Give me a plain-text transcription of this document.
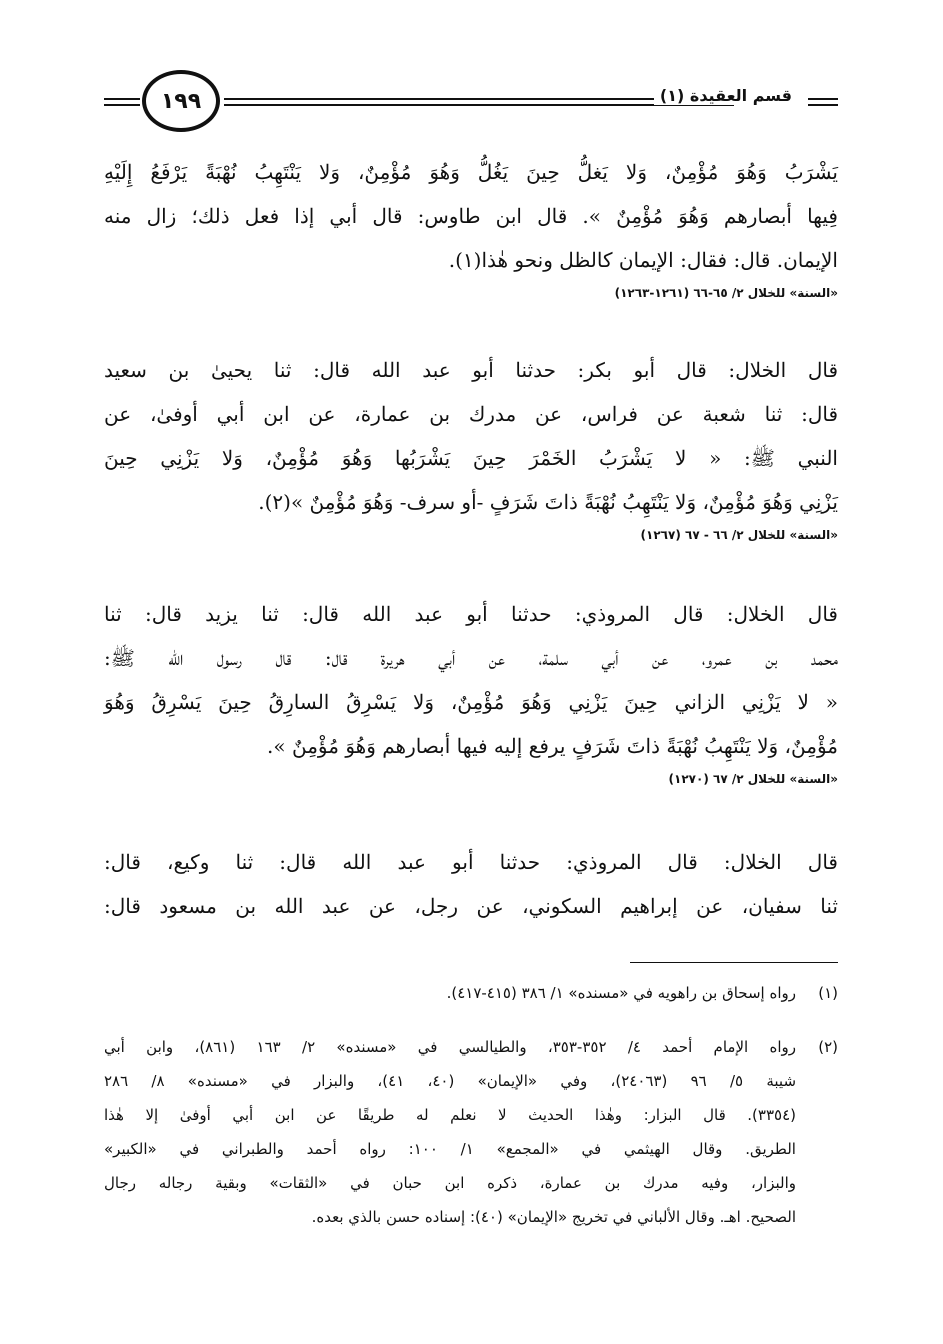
١٩٩	قسم العقيدة (١)
يَشْرَبُ وَهُوَ مُؤْمِنٌ، وَلا يَغلُّ حِينَ يَغُلُّ وَهُوَ مُؤْمِنٌ، وَلا يَنْتَهِبُ نُهْبَةً يَرْفَعُ إِلَيْهِ
فِيها أبصارهم وَهُوَ مُؤْمِنٌ ». قال ابن طاوس: قال أبي إذا فعل ذلك؛ زال منه
الإيمان. قال: فقال: الإيمان كالظل ونحو هٰذا(١).
«السنة» للخلال ٢/ ٦٥-٦٦ (١٢٦١-١٢٦٣)
قال الخلال: قال أبو بكر: حدثنا أبو عبد الله قال: ثنا يحيىٰ بن سعيد
قال: ثنا شعبة عن فراس، عن مدرك بن عمارة، عن ابن أبي أوفىٰ، عن
النبي ﷺ: « لا يَشْرَبُ الخَمْرَ حِينَ يَشْرَبُها وَهُوَ مُؤْمِنٌ، وَلا يَزْنِي حِينَ
يَزْنِي وَهُوَ مُؤْمِنٌ، وَلا يَنْتَهِبُ نُهْبَةً ذاتَ شَرَفٍ -أو سرف- وَهُوَ مُؤْمِنٌ »(٢).
«السنة» للخلال ٢/ ٦٦ - ٦٧ (١٢٦٧)
قال الخلال: قال المروذي: حدثنا أبو عبد الله قال: ثنا يزيد قال: ثنا
محمد بن عمرو، عن أبي سلمة، عن أبي هريرة قال: قال رسول الله ﷺ:
« لا يَزْنِي الزاني حِينَ يَزْنِي وَهُوَ مُؤْمِنٌ، وَلا يَسْرِقُ السارِقُ حِينَ يَسْرِقُ وَهُوَ
مُؤْمِنٌ، وَلا يَنْتَهِبُ نُهْبَةً ذاتَ شَرَفٍ يرفع إليه فيها أبصارهم وَهُوَ مُؤْمِنٌ ».
«السنة» للخلال ٢/ ٦٧ (١٢٧٠)
قال الخلال: قال المروذي: حدثنا أبو عبد الله قال: ثنا وكيع، قال:
ثنا سفيان، عن إبراهيم السكوني، عن رجل، عن عبد الله بن مسعود قال:
(١)
رواه إسحاق بن راهويه في «مسنده» ١/ ٣٨٦ (٤١٥-٤١٧).
(٢)
رواه الإمام أحمد ٤/ ٣٥٢-٣٥٣، والطيالسي في «مسنده» ٢/ ١٦٣ (٨٦١)، وابن أبي
شيبة ٥/ ٩٦ (٢٤٠٦٣)، وفي «الإيمان» (٤٠، ٤١)، والبزار في «مسنده» ٨/ ٢٨٦
(٣٣٥٤). قال البزار: وهٰذا الحديث لا نعلم له طريقًا عن ابن أبي أوفىٰ إلا هٰذا
الطريق. وقال الهيثمي في «المجمع» ١/ ١٠٠: رواه أحمد والطبراني في «الكبير»
والبزار، وفيه مدرك بن عمارة، ذكره ابن حبان في «الثقات» وبقية رجاله رجال
الصحيح. اهـ. وقال الألباني في تخريج «الإيمان» (٤٠): إسناده حسن بالذي بعده.
